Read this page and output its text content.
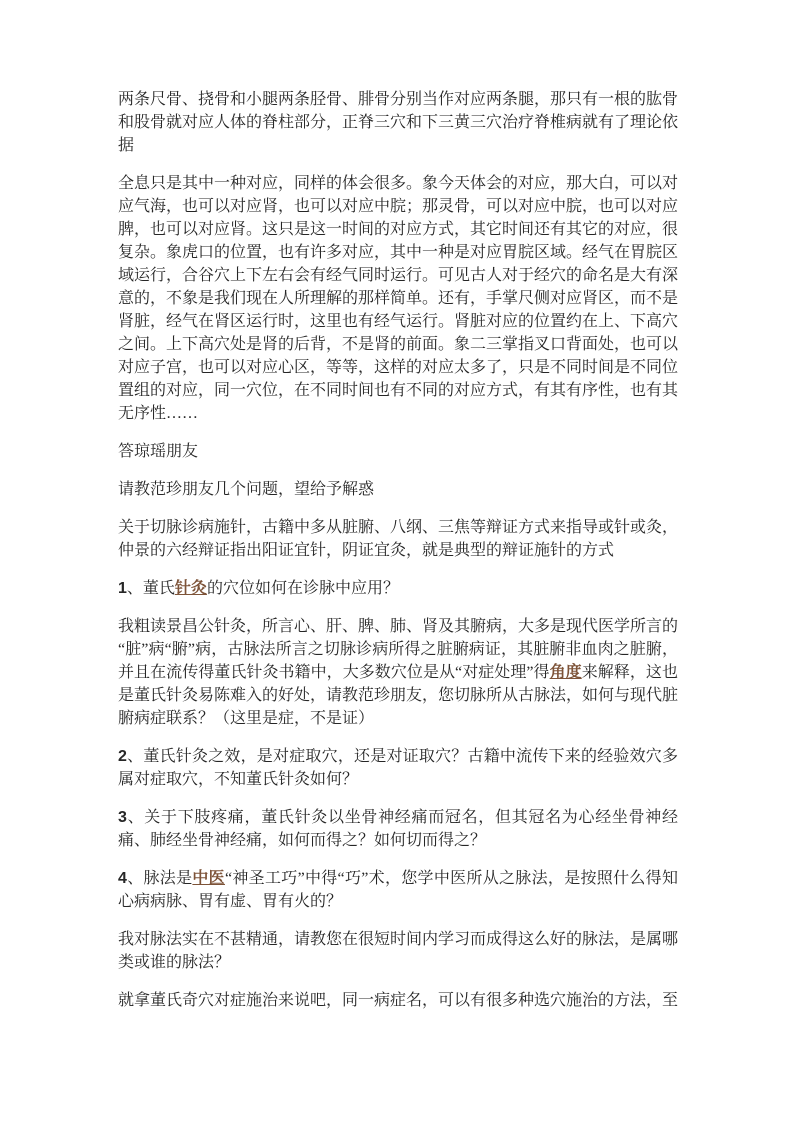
两条尺骨、挠骨和小腿两条胫骨、腓骨分别当作对应两条腿，那只有一根的肱骨和股骨就对应人体的脊柱部分，正脊三穴和下三黄三穴治疗脊椎病就有了理论依据

全息只是其中一种对应，同样的体会很多。象今天体会的对应，那大白，可以对应气海，也可以对应肾，也可以对应中脘；那灵骨，可以对应中脘，也可以对应脾，也可以对应肾。这只是这一时间的对应方式，其它时间还有其它的对应，很复杂。象虎口的位置，也有许多对应，其中一种是对应胃脘区域。经气在胃脘区域运行，合谷穴上下左右会有经气同时运行。可见古人对于经穴的命名是大有深意的，不象是我们现在人所理解的那样简单。还有，手掌尺侧对应肾区，而不是肾脏，经气在肾区运行时，这里也有经气运行。肾脏对应的位置约在上、下高穴之间。上下高穴处是肾的后背，不是肾的前面。象二三掌指叉口背面处，也可以对应子宫，也可以对应心区，等等，这样的对应太多了，只是不同时间是不同位置组的对应，同一穴位，在不同时间也有不同的对应方式，有其有序性，也有其无序性……

答琼瑶朋友

请教范珍朋友几个问题，望给予解惑

关于切脉诊病施针，古籍中多从脏腑、八纲、三焦等辩证方式来指导或针或灸，仲景的六经辩证指出阳证宜针，阴证宜灸，就是典型的辩证施针的方式

1、董氏针灸的穴位如何在诊脉中应用？

我粗读景昌公针灸，所言心、肝、脾、肺、肾及其腑病，大多是现代医学所言的“脏”病“腑”病，古脉法所言之切脉诊病所得之脏腑病证，其脏腑非血肉之脏腑，并且在流传得董氏针灸书籍中，大多数穴位是从“对症处理”得角度来解释，这也是董氏针灸易陈难入的好处，请教范珍朋友，您切脉所从古脉法，如何与现代脏腑病症联系？（这里是症，不是证）

2、董氏针灸之效，是对症取穴，还是对证取穴？古籍中流传下来的经验效穴多属对症取穴，不知董氏针灸如何？

3、关于下肢疼痛，董氏针灸以坐骨神经痛而冠名，但其冠名为心经坐骨神经痛、肺经坐骨神经痛，如何而得之？如何切而得之？

4、脉法是中医“神圣工巧”中得“巧”术，您学中医所从之脉法，是按照什么得知心病病脉、胃有虚、胃有火的？

我对脉法实在不甚精通，请教您在很短时间内学习而成得这么好的脉法，是属哪类或谁的脉法？

就拿董氏奇穴对症施治来说吧，同一病症名，可以有很多种选穴施治的方法，至
